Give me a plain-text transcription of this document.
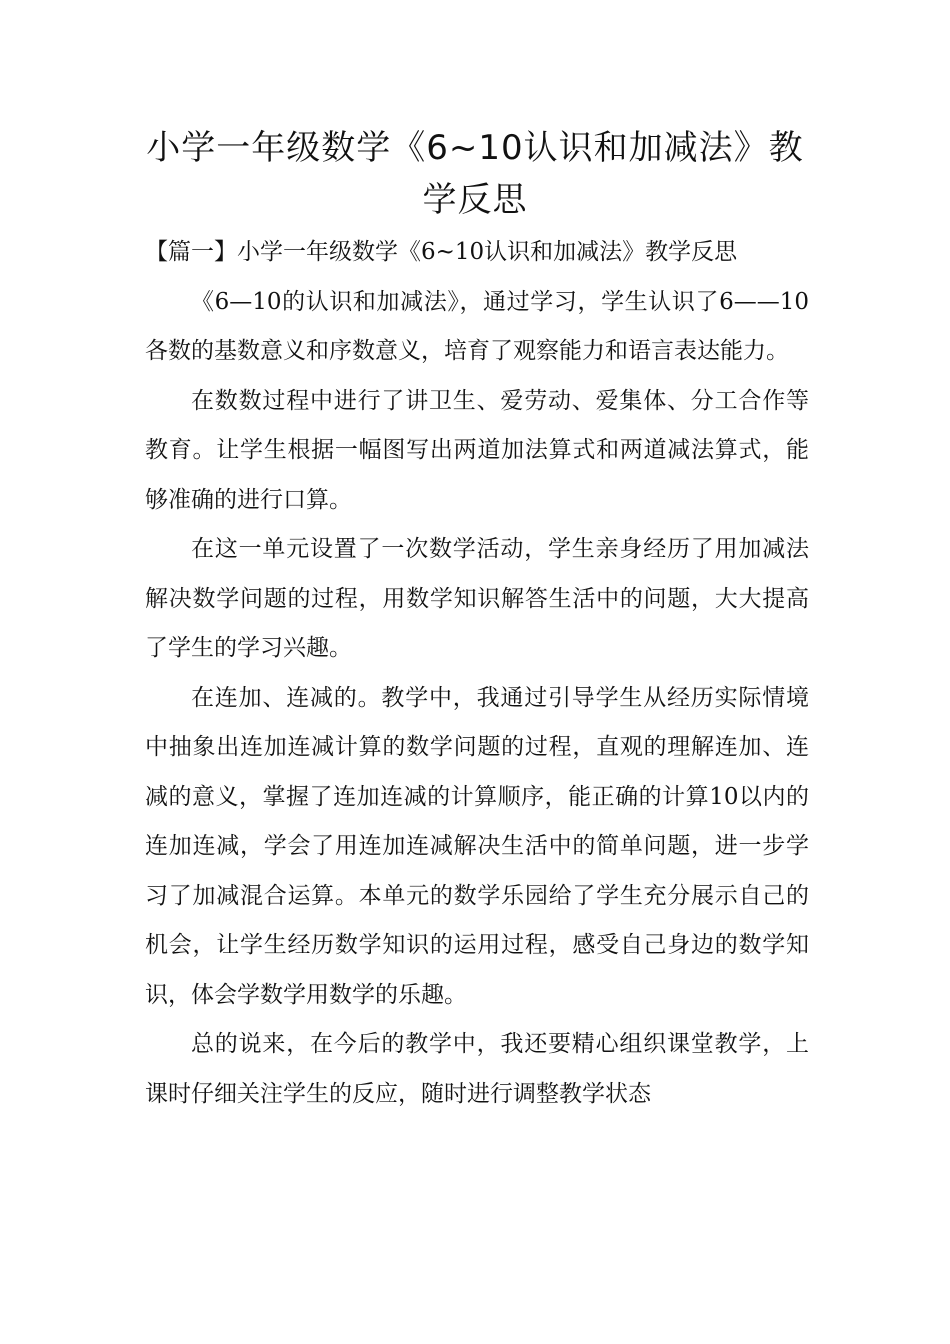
小学一年级数学《6~10认识和加减法》教学反思

【篇一】小学一年级数学《6~10认识和加减法》教学反思

《6—10的认识和加减法》，通过学习，学生认识了6——10各数的基数意义和序数意义，培育了观察能力和语言表达能力。

在数数过程中进行了讲卫生、爱劳动、爱集体、分工合作等教育。让学生根据一幅图写出两道加法算式和两道减法算式，能够准确的进行口算。

在这一单元设置了一次数学活动，学生亲身经历了用加减法解决数学问题的过程，用数学知识解答生活中的问题，大大提高了学生的学习兴趣。

在连加、连减的。教学中，我通过引导学生从经历实际情境中抽象出连加连减计算的数学问题的过程，直观的理解连加、连减的意义，掌握了连加连减的计算顺序，能正确的计算10以内的连加连减，学会了用连加连减解决生活中的简单问题，进一步学习了加减混合运算。本单元的数学乐园给了学生充分展示自己的机会，让学生经历数学知识的运用过程，感受自己身边的数学知识，体会学数学用数学的乐趣。

总的说来，在今后的教学中，我还要精心组织课堂教学，上课时仔细关注学生的反应，随时进行调整教学状态
